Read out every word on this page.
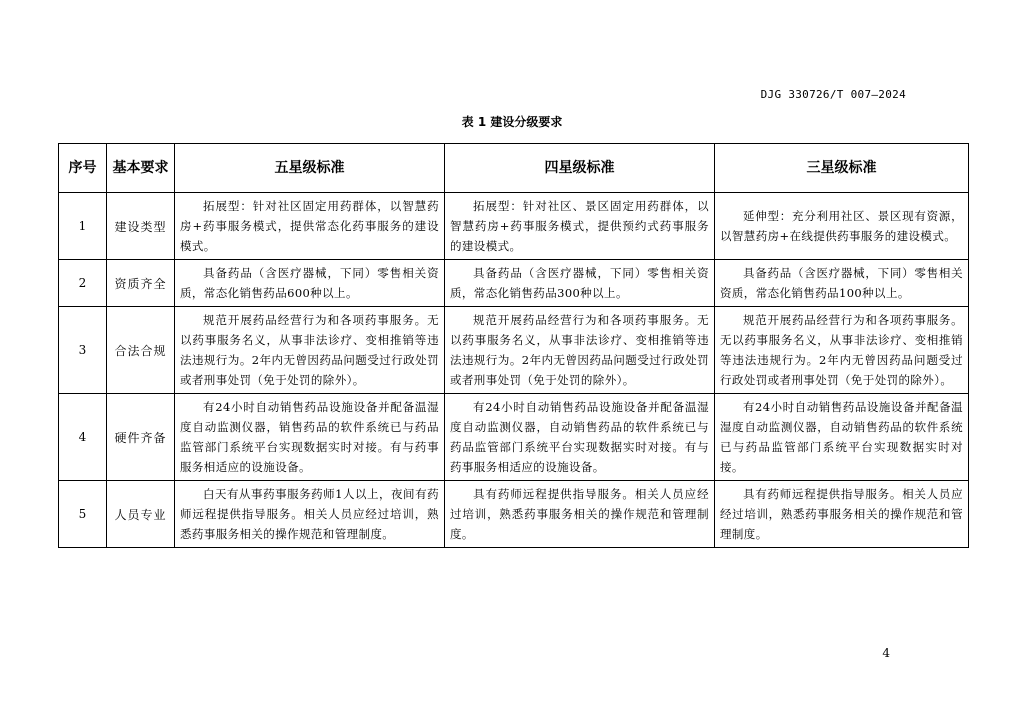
DJG 330726/T 007—2024
表 1 建设分级要求
序号	基本要求	五星级标准	四星级标准	三星级标准
1	建设类型	拓展型：针对社区固定用药群体，以智慧药房+药事服务模式，提供常态化药事服务的建设模式。	拓展型：针对社区、景区固定用药群体，以智慧药房+药事服务模式，提供预约式药事服务的建设模式。	延伸型：充分利用社区、景区现有资源，以智慧药房+在线提供药事服务的建设模式。
2	资质齐全	具备药品（含医疗器械，下同）零售相关资质，常态化销售药品600种以上。	具备药品（含医疗器械，下同）零售相关资质，常态化销售药品300种以上。	具备药品（含医疗器械，下同）零售相关资质，常态化销售药品100种以上。
3	合法合规	规范开展药品经营行为和各项药事服务。无以药事服务名义，从事非法诊疗、变相推销等违法违规行为。2年内无曾因药品问题受过行政处罚或者刑事处罚（免于处罚的除外）。	规范开展药品经营行为和各项药事服务。无以药事服务名义，从事非法诊疗、变相推销等违法违规行为。2年内无曾因药品问题受过行政处罚或者刑事处罚（免于处罚的除外）。	规范开展药品经营行为和各项药事服务。无以药事服务名义，从事非法诊疗、变相推销等违法违规行为。2年内无曾因药品问题受过行政处罚或者刑事处罚（免于处罚的除外）。
4	硬件齐备	有24小时自动销售药品设施设备并配备温湿度自动监测仪器，销售药品的软件系统已与药品监管部门系统平台实现数据实时对接。有与药事服务相适应的设施设备。	有24小时自动销售药品设施设备并配备温湿度自动监测仪器，自动销售药品的软件系统已与药品监管部门系统平台实现数据实时对接。有与药事服务相适应的设施设备。	有24小时自动销售药品设施设备并配备温湿度自动监测仪器，自动销售药品的软件系统已与药品监管部门系统平台实现数据实时对接。
5	人员专业	白天有从事药事服务药师1人以上，夜间有药师远程提供指导服务。相关人员应经过培训，熟悉药事服务相关的操作规范和管理制度。	具有药师远程提供指导服务。相关人员应经过培训，熟悉药事服务相关的操作规范和管理制度。	具有药师远程提供指导服务。相关人员应经过培训，熟悉药事服务相关的操作规范和管理制度。
4
